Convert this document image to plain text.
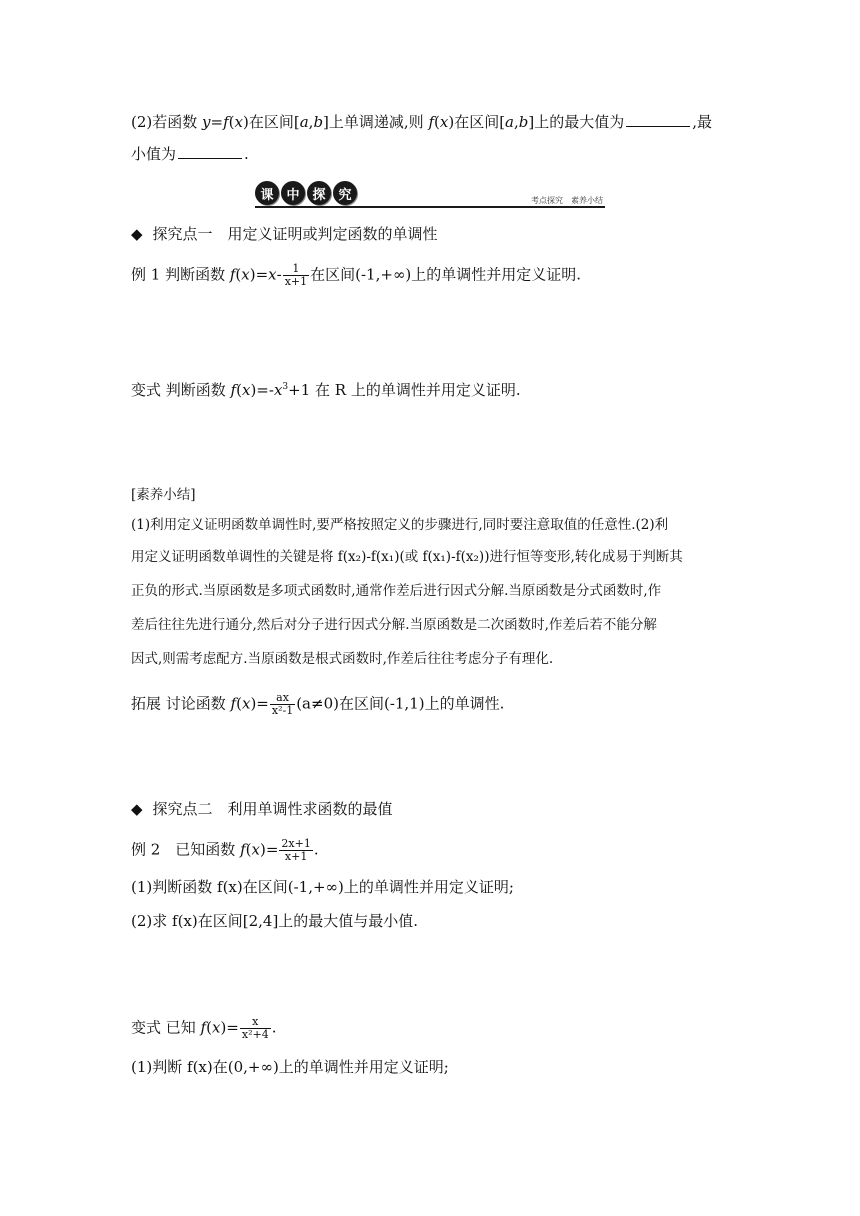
(2)若函数 y=f(x)在区间[a,b]上单调递减,则 f(x)在区间[a,b]上的最大值为	,最
小值为	.
课 中 探 究	考点探究　素养小结
◆ 探究点一　用定义证明或判定函数的单调性
例 1 判断函数 $f(x)=x- \frac{1}{x+1}$ 在区间(-1,+∞)上的单调性并用定义证明.
变式 判断函数 $f(x)=-x^3+1$ 在 R 上的单调性并用定义证明.
[素养小结]
(1)利用定义证明函数单调性时,要严格按照定义的步骤进行,同时要注意取值的任意性.(2)利
用定义证明函数单调性的关键是将 f(x₂)-f(x₁)(或 f(x₁)-f(x₂))进行恒等变形,转化成易于判断其
正负的形式.当原函数是多项式函数时,通常作差后进行因式分解.当原函数是分式函数时,作
差后往往先进行通分,然后对分子进行因式分解.当原函数是二次函数时,作差后若不能分解
因式,则需考虑配方.当原函数是根式函数时,作差后往往考虑分子有理化.
拓展 讨论函数 $f(x)= \frac{ax}{\text{x²-1}} (a\ne 0)$在区间(-1,1)上的单调性.
◆ 探究点二　利用单调性求函数的最值
例 2　已知函数 $f(x)= \frac{2x+1}{x+1}$ .
(1)判断函数 f(x)在区间(-1,+∞)上的单调性并用定义证明;
(2)求 f(x)在区间[2,4]上的最大值与最小值.
变式 已知 $f(x)= \frac{x}{\text{x²+4}}$ .
(1)判断 f(x)在(0,+∞)上的单调性并用定义证明;
